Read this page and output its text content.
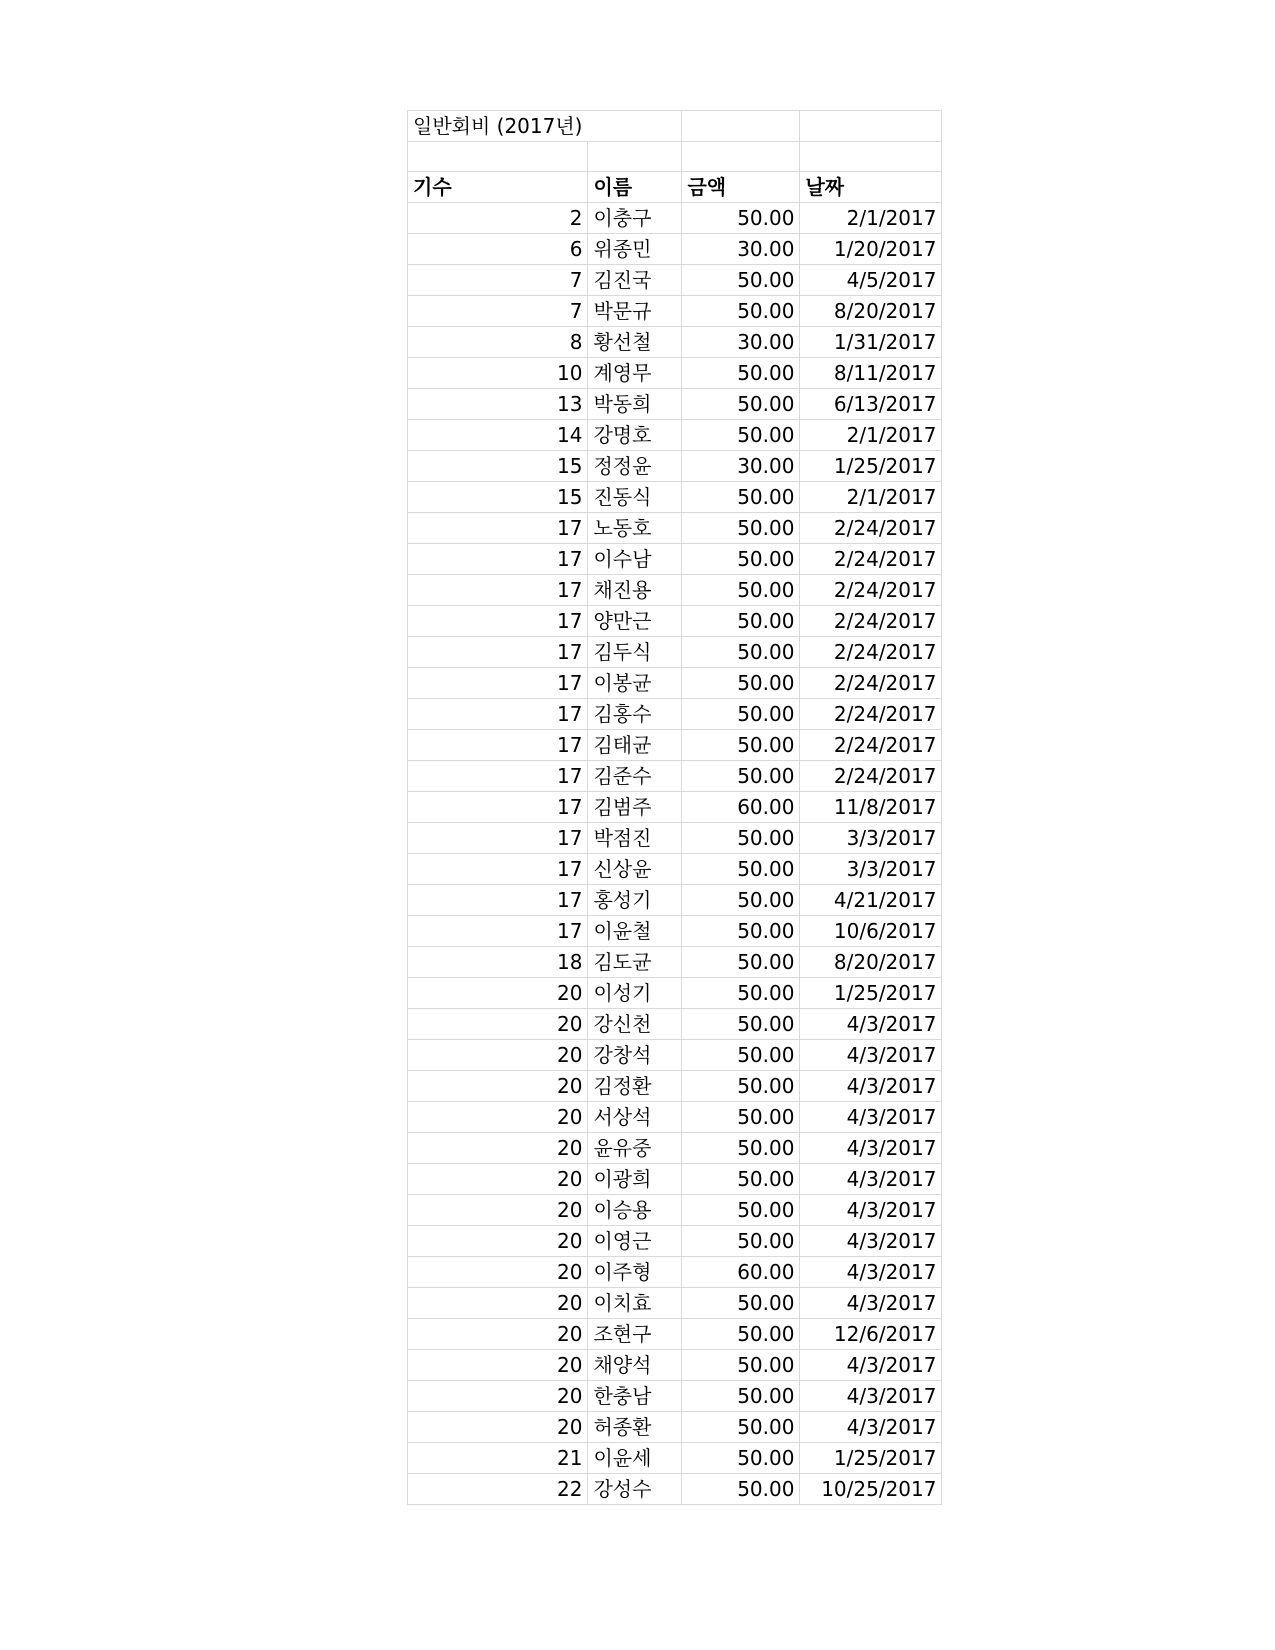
일반회비 (2017년)			

기수	이름	금액	날짜
2	이충구	50.00	2/1/2017
6	위종민	30.00	1/20/2017
7	김진국	50.00	4/5/2017
7	박문규	50.00	8/20/2017
8	황선철	30.00	1/31/2017
10	계영무	50.00	8/11/2017
13	박동희	50.00	6/13/2017
14	강명호	50.00	2/1/2017
15	정정윤	30.00	1/25/2017
15	진동식	50.00	2/1/2017
17	노동호	50.00	2/24/2017
17	이수남	50.00	2/24/2017
17	채진용	50.00	2/24/2017
17	양만근	50.00	2/24/2017
17	김두식	50.00	2/24/2017
17	이봉균	50.00	2/24/2017
17	김홍수	50.00	2/24/2017
17	김태균	50.00	2/24/2017
17	김준수	50.00	2/24/2017
17	김범주	60.00	11/8/2017
17	박점진	50.00	3/3/2017
17	신상윤	50.00	3/3/2017
17	홍성기	50.00	4/21/2017
17	이윤철	50.00	10/6/2017
18	김도균	50.00	8/20/2017
20	이성기	50.00	1/25/2017
20	강신천	50.00	4/3/2017
20	강창석	50.00	4/3/2017
20	김정환	50.00	4/3/2017
20	서상석	50.00	4/3/2017
20	윤유중	50.00	4/3/2017
20	이광희	50.00	4/3/2017
20	이승용	50.00	4/3/2017
20	이영근	50.00	4/3/2017
20	이주형	60.00	4/3/2017
20	이치효	50.00	4/3/2017
20	조현구	50.00	12/6/2017
20	채양석	50.00	4/3/2017
20	한충남	50.00	4/3/2017
20	허종환	50.00	4/3/2017
21	이윤세	50.00	1/25/2017
22	강성수	50.00	10/25/2017
